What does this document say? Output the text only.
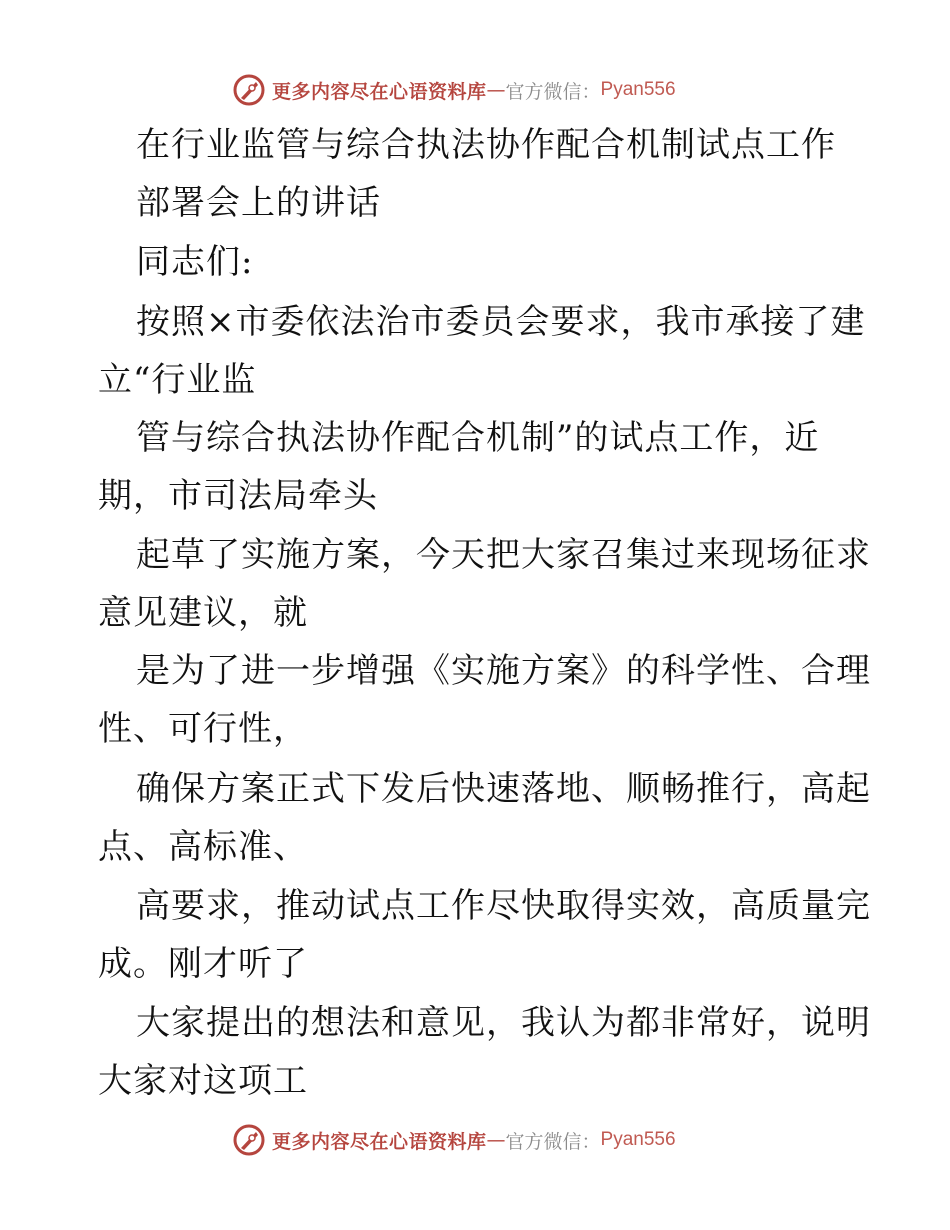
更多内容尽在心语资料库 — 官方微信： Pyan556
在行业监管与综合执法协作配合机制试点工作
部署会上的讲话
同志们:
按照×市委依法治市委员会要求，我市承接了建
立“行业监
管与综合执法协作配合机制”的试点工作，近
期，市司法局牵头
起草了实施方案，今天把大家召集过来现场征求
意见建议，就
是为了进一步增强《实施方案》的科学性、合理
性、可行性，
确保方案正式下发后快速落地、顺畅推行，高起
点、高标准、
高要求，推动试点工作尽快取得实效，高质量完
成。刚才听了
大家提出的想法和意见，我认为都非常好，说明
大家对这项工
更多内容尽在心语资料库 — 官方微信： Pyan556
